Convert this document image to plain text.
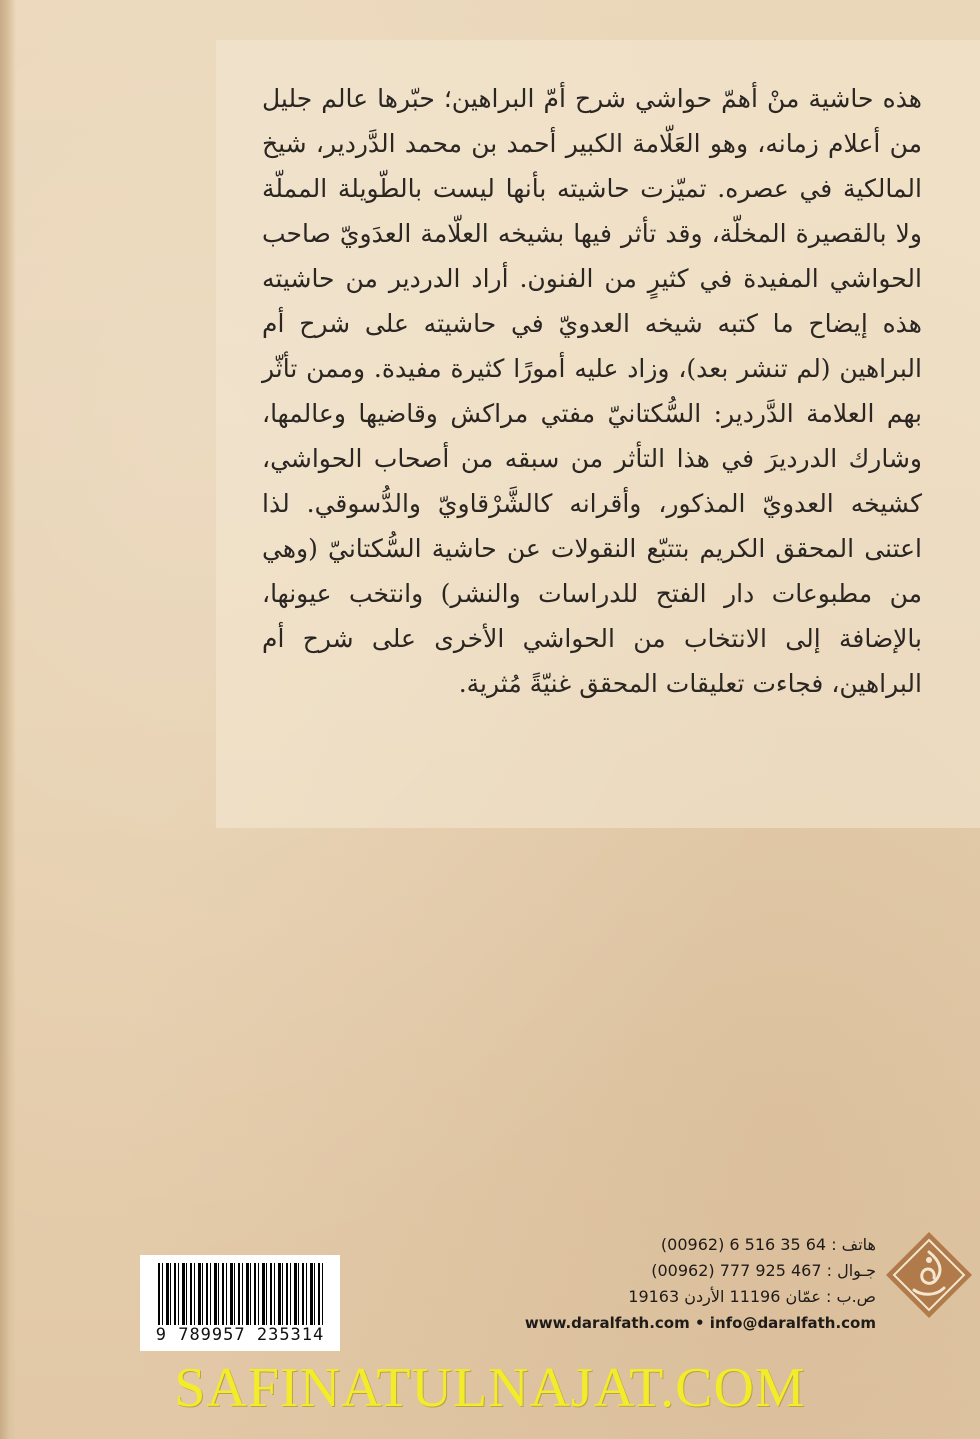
هذه حاشية منْ أهمّ حواشي شرح أمّ البراهين؛ حبّرها عالم جليل من أعلام زمانه، وهو العَلّامة الكبير أحمد بن محمد الدَّردير، شيخ المالكية في عصره. تميّزت حاشيته بأنها ليست بالطّويلة المملّة ولا بالقصيرة المخلّة، وقد تأثر فيها بشيخه العلّامة العدَويّ صاحب الحواشي المفيدة في كثيرٍ من الفنون. أراد الدردير من حاشيته هذه إيضاح ما كتبه شيخه العدويّ في حاشيته على شرح أم البراهين (لم تنشر بعد)، وزاد عليه أمورًا كثيرة مفيدة. وممن تأثّر بهم العلامة الدَّردير: السُّكتانيّ مفتي مراكش وقاضيها وعالمها، وشارك الدرديرَ في هذا التأثر من سبقه من أصحاب الحواشي، كشيخه العدويّ المذكور، وأقرانه كالشَّرْقاويّ والدُّسوقي. لذا اعتنى المحقق الكريم بتتبّع النقولات عن حاشية السُّكتانيّ (وهي من مطبوعات دار الفتح للدراسات والنشر) وانتخب عيونها، بالإضافة إلى الانتخاب من الحواشي الأخرى على شرح أم البراهين، فجاءت تعليقات المحقق غنيّةً مُثرية.

9 789957 235314
هاتف : (00962) 6 516 35 64
جـوال : (00962) 777 925 467
ص.ب : 19163 عمّان 11196 الأردن
www.daralfath.com • info@daralfath.com
SAFINATULNAJAT.COM
